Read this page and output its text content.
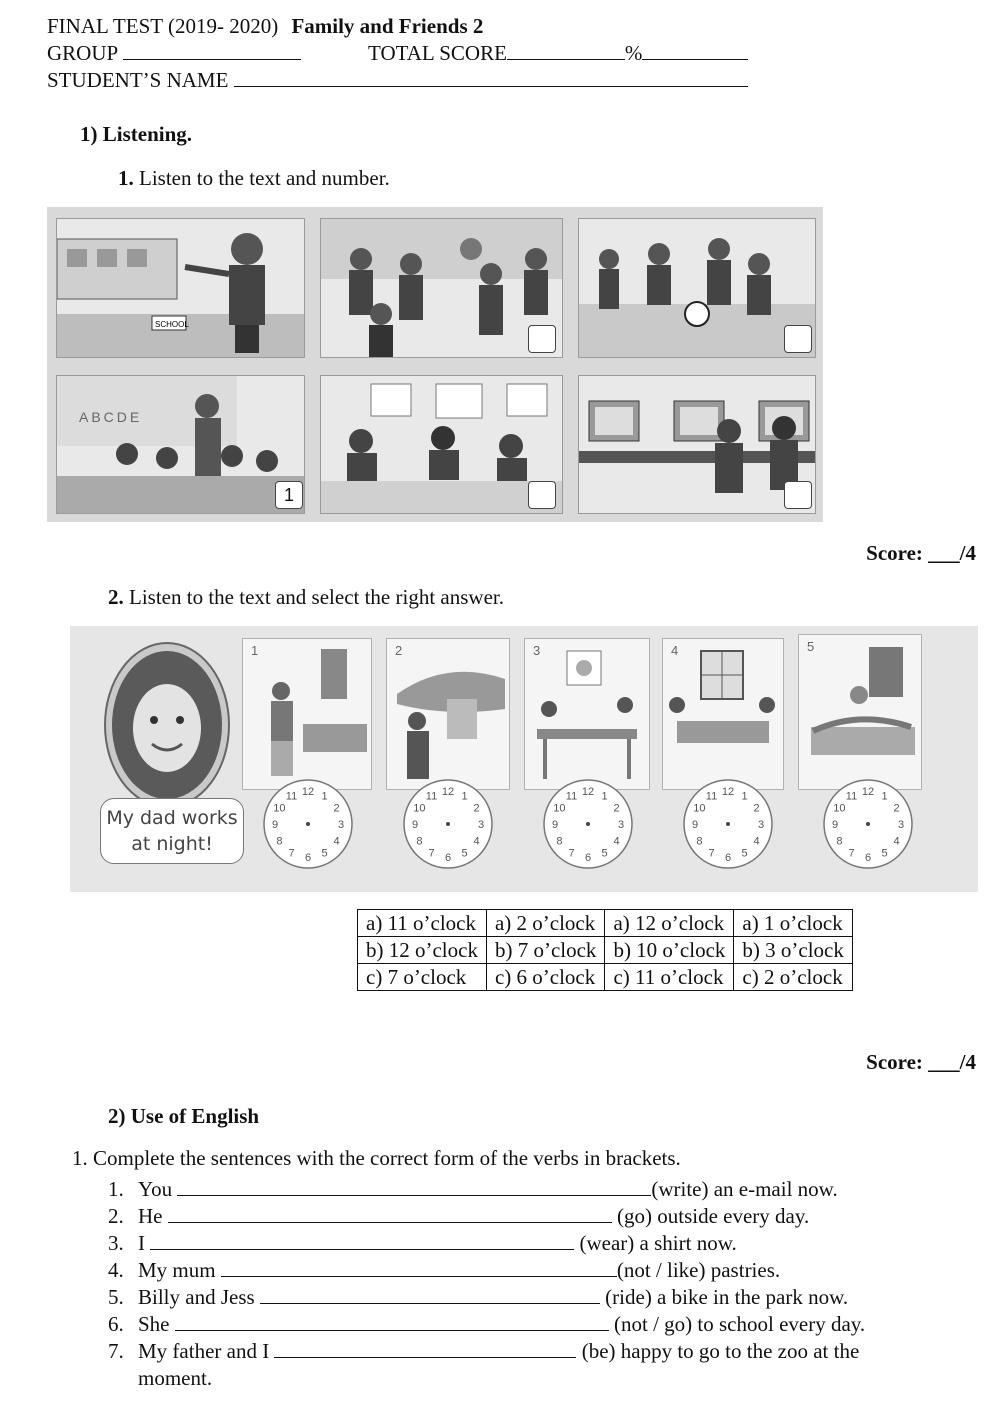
FINAL TEST (2019- 2020) Family and Friends 2
GROUP	TOTAL SCORE	%
STUDENT’S NAME
1) Listening.
1. Listen to the text and number.
SCHOOL
ABCDE
1
Score: ___/4
2. Listen to the text and select the right answer.
My dad works
at night!
1	2	3	4	5
12 1
2
3
4
5
6
7
8
9
10
11	12 1
2
3
4
5
6
7
8
9
10
11	12 1
2
3
4
5
6
7
8
9
10
11	12 1
2
3
4
5
6
7
8
9
10
11	12 1
2
3
4
5
6
7
8
9
10
11
a) 11 o’clock	a) 2 o’clock	a) 12 o’clock	a) 1 o’clock
b) 12 o’clock	b) 7 o’clock	b) 10 o’clock	b) 3 o’clock
c) 7 o’clock	c) 6 o’clock	c) 11 o’clock	c) 2 o’clock
Score: ___/4
2) Use of English
1. Complete the sentences with the correct form of the verbs in brackets.
1. You	(write) an e-mail now.
2. He	(go) outside every day.
3. I	(wear) a shirt now.
4. My mum	(not / like) pastries.
5. Billy and Jess	(ride) a bike in the park now.
6. She	(not / go) to school every day.
7. My father and I	(be) happy to go to the zoo at the
moment.
